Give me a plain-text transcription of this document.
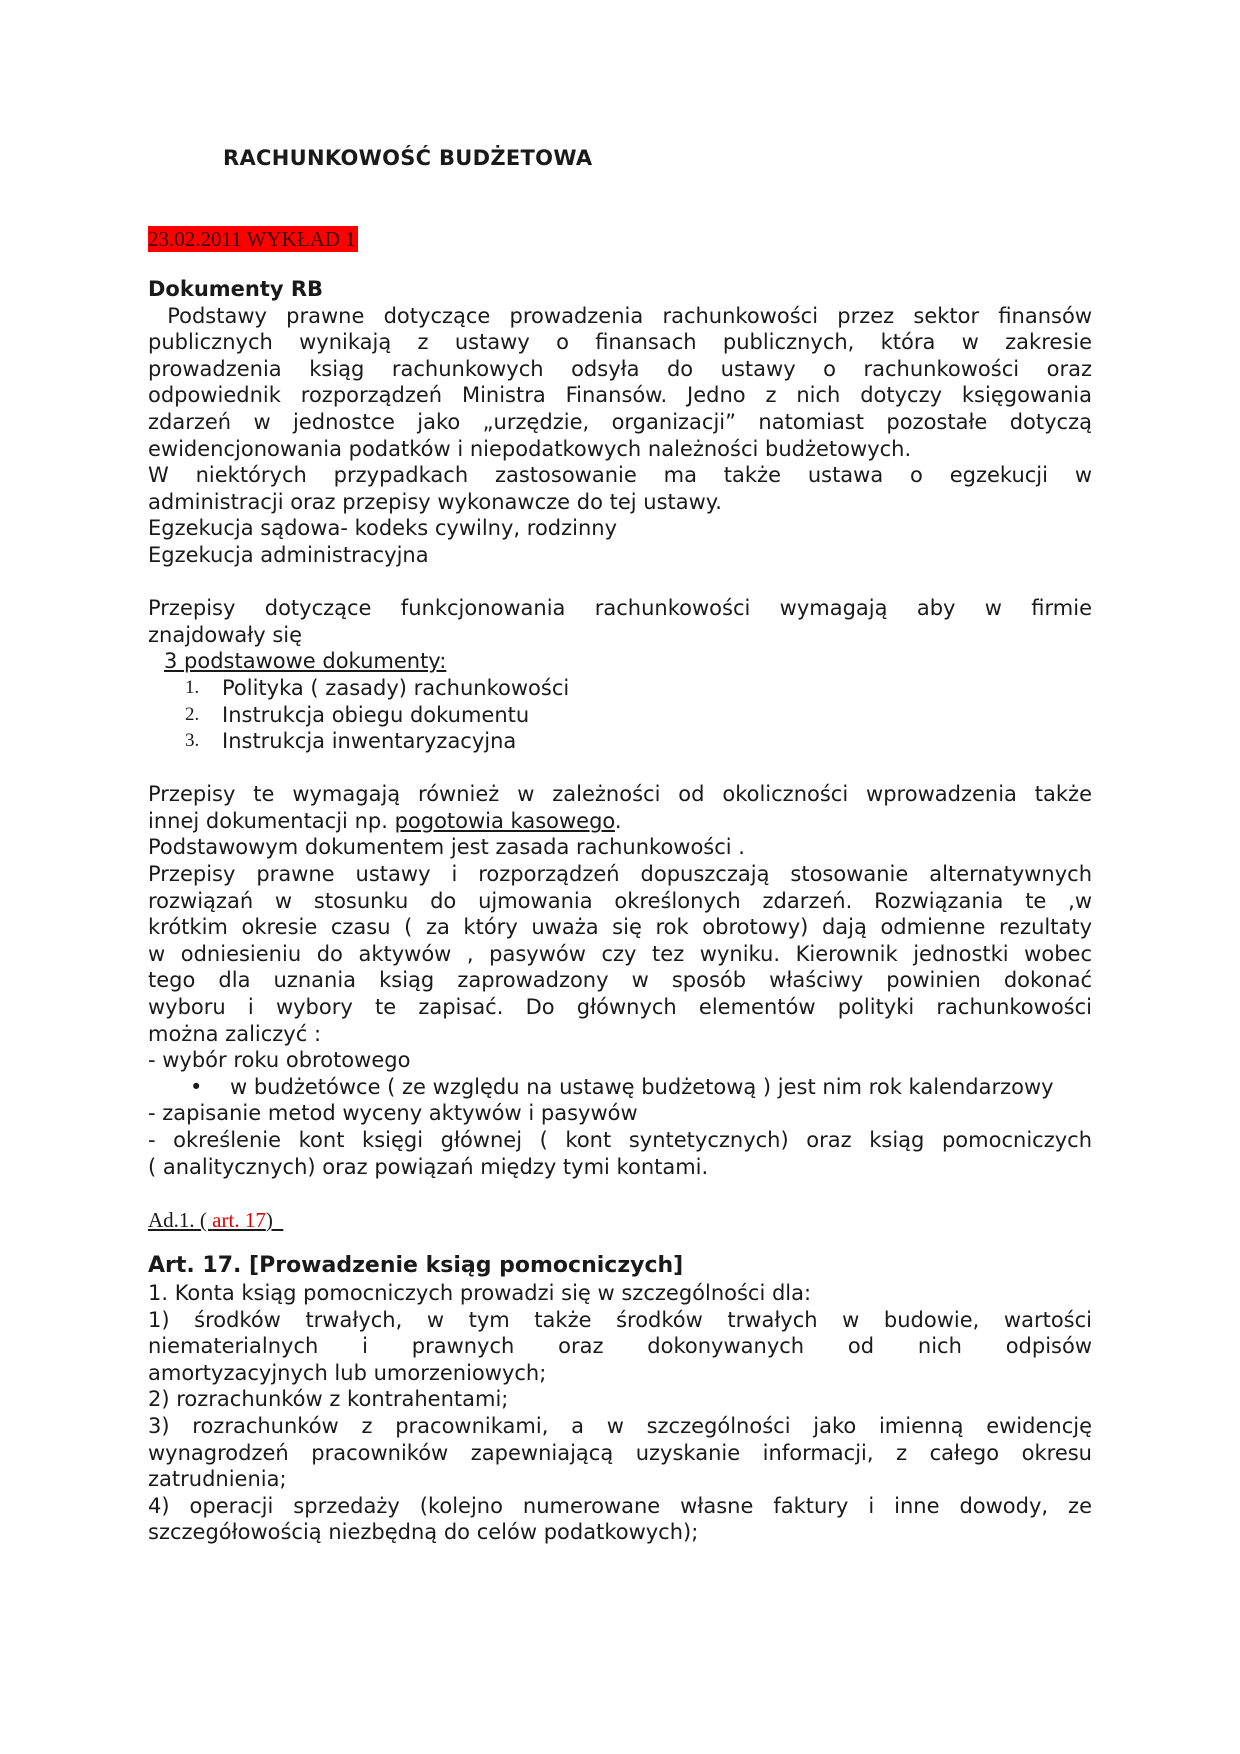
RACHUNKOWOŚĆ BUDŻETOWA
23.02.2011 WYKŁAD 1
Dokumenty RB

Podstawy prawne dotyczące prowadzenia rachunkowości przez sektor finansów

publicznych wynikają z ustawy o finansach publicznych, która w zakresie

prowadzenia ksiąg rachunkowych odsyła do ustawy o rachunkowości oraz

odpowiednik rozporządzeń Ministra Finansów. Jedno z nich dotyczy księgowania

zdarzeń w jednostce jako „urzędzie, organizacji” natomiast pozostałe dotyczą

ewidencjonowania podatków i niepodatkowych należności budżetowych.

W niektórych przypadkach zastosowanie ma także ustawa o egzekucji w

administracji oraz przepisy wykonawcze do tej ustawy.

Egzekucja sądowa- kodeks cywilny, rodzinny

Egzekucja administracyjna

Przepisy dotyczące funkcjonowania rachunkowości wymagają aby w firmie

znajdowały się

3 podstawowe dokumenty:

1. Polityka ( zasady) rachunkowości
2. Instrukcja obiegu dokumentu
3. Instrukcja inwentaryzacyjna

Przepisy te wymagają również w zależności od okoliczności wprowadzenia także

innej dokumentacji np. pogotowia kasowego.

Podstawowym dokumentem jest zasada rachunkowości .

Przepisy prawne ustawy i rozporządzeń dopuszczają stosowanie alternatywnych

rozwiązań w stosunku do ujmowania określonych zdarzeń. Rozwiązania te ,w

krótkim okresie czasu ( za który uważa się rok obrotowy) dają odmienne rezultaty

w odniesieniu do aktywów , pasywów czy tez wyniku. Kierownik jednostki wobec

tego dla uznania ksiąg zaprowadzony w sposób właściwy powinien dokonać

wyboru i wybory te zapisać. Do głównych elementów polityki rachunkowości

można zaliczyć :

- wybór roku obrotowego

• w budżetówce ( ze względu na ustawę budżetową ) jest nim rok kalendarzowy

- zapisanie metod wyceny aktywów i pasywów

- określenie kont księgi głównej ( kont syntetycznych) oraz ksiąg pomocniczych

( analitycznych) oraz powiązań między tymi kontami.

Ad.1. ( art. 17)

Art. 17. [Prowadzenie ksiąg pomocniczych]

1. Konta ksiąg pomocniczych prowadzi się w szczególności dla:

1) środków trwałych, w tym także środków trwałych w budowie, wartości

niematerialnych i prawnych oraz dokonywanych od nich odpisów

amortyzacyjnych lub umorzeniowych;

2) rozrachunków z kontrahentami;

3) rozrachunków z pracownikami, a w szczególności jako imienną ewidencję

wynagrodzeń pracowników zapewniającą uzyskanie informacji, z całego okresu

zatrudnienia;

4) operacji sprzedaży (kolejno numerowane własne faktury i inne dowody, ze

szczegółowością niezbędną do celów podatkowych);
